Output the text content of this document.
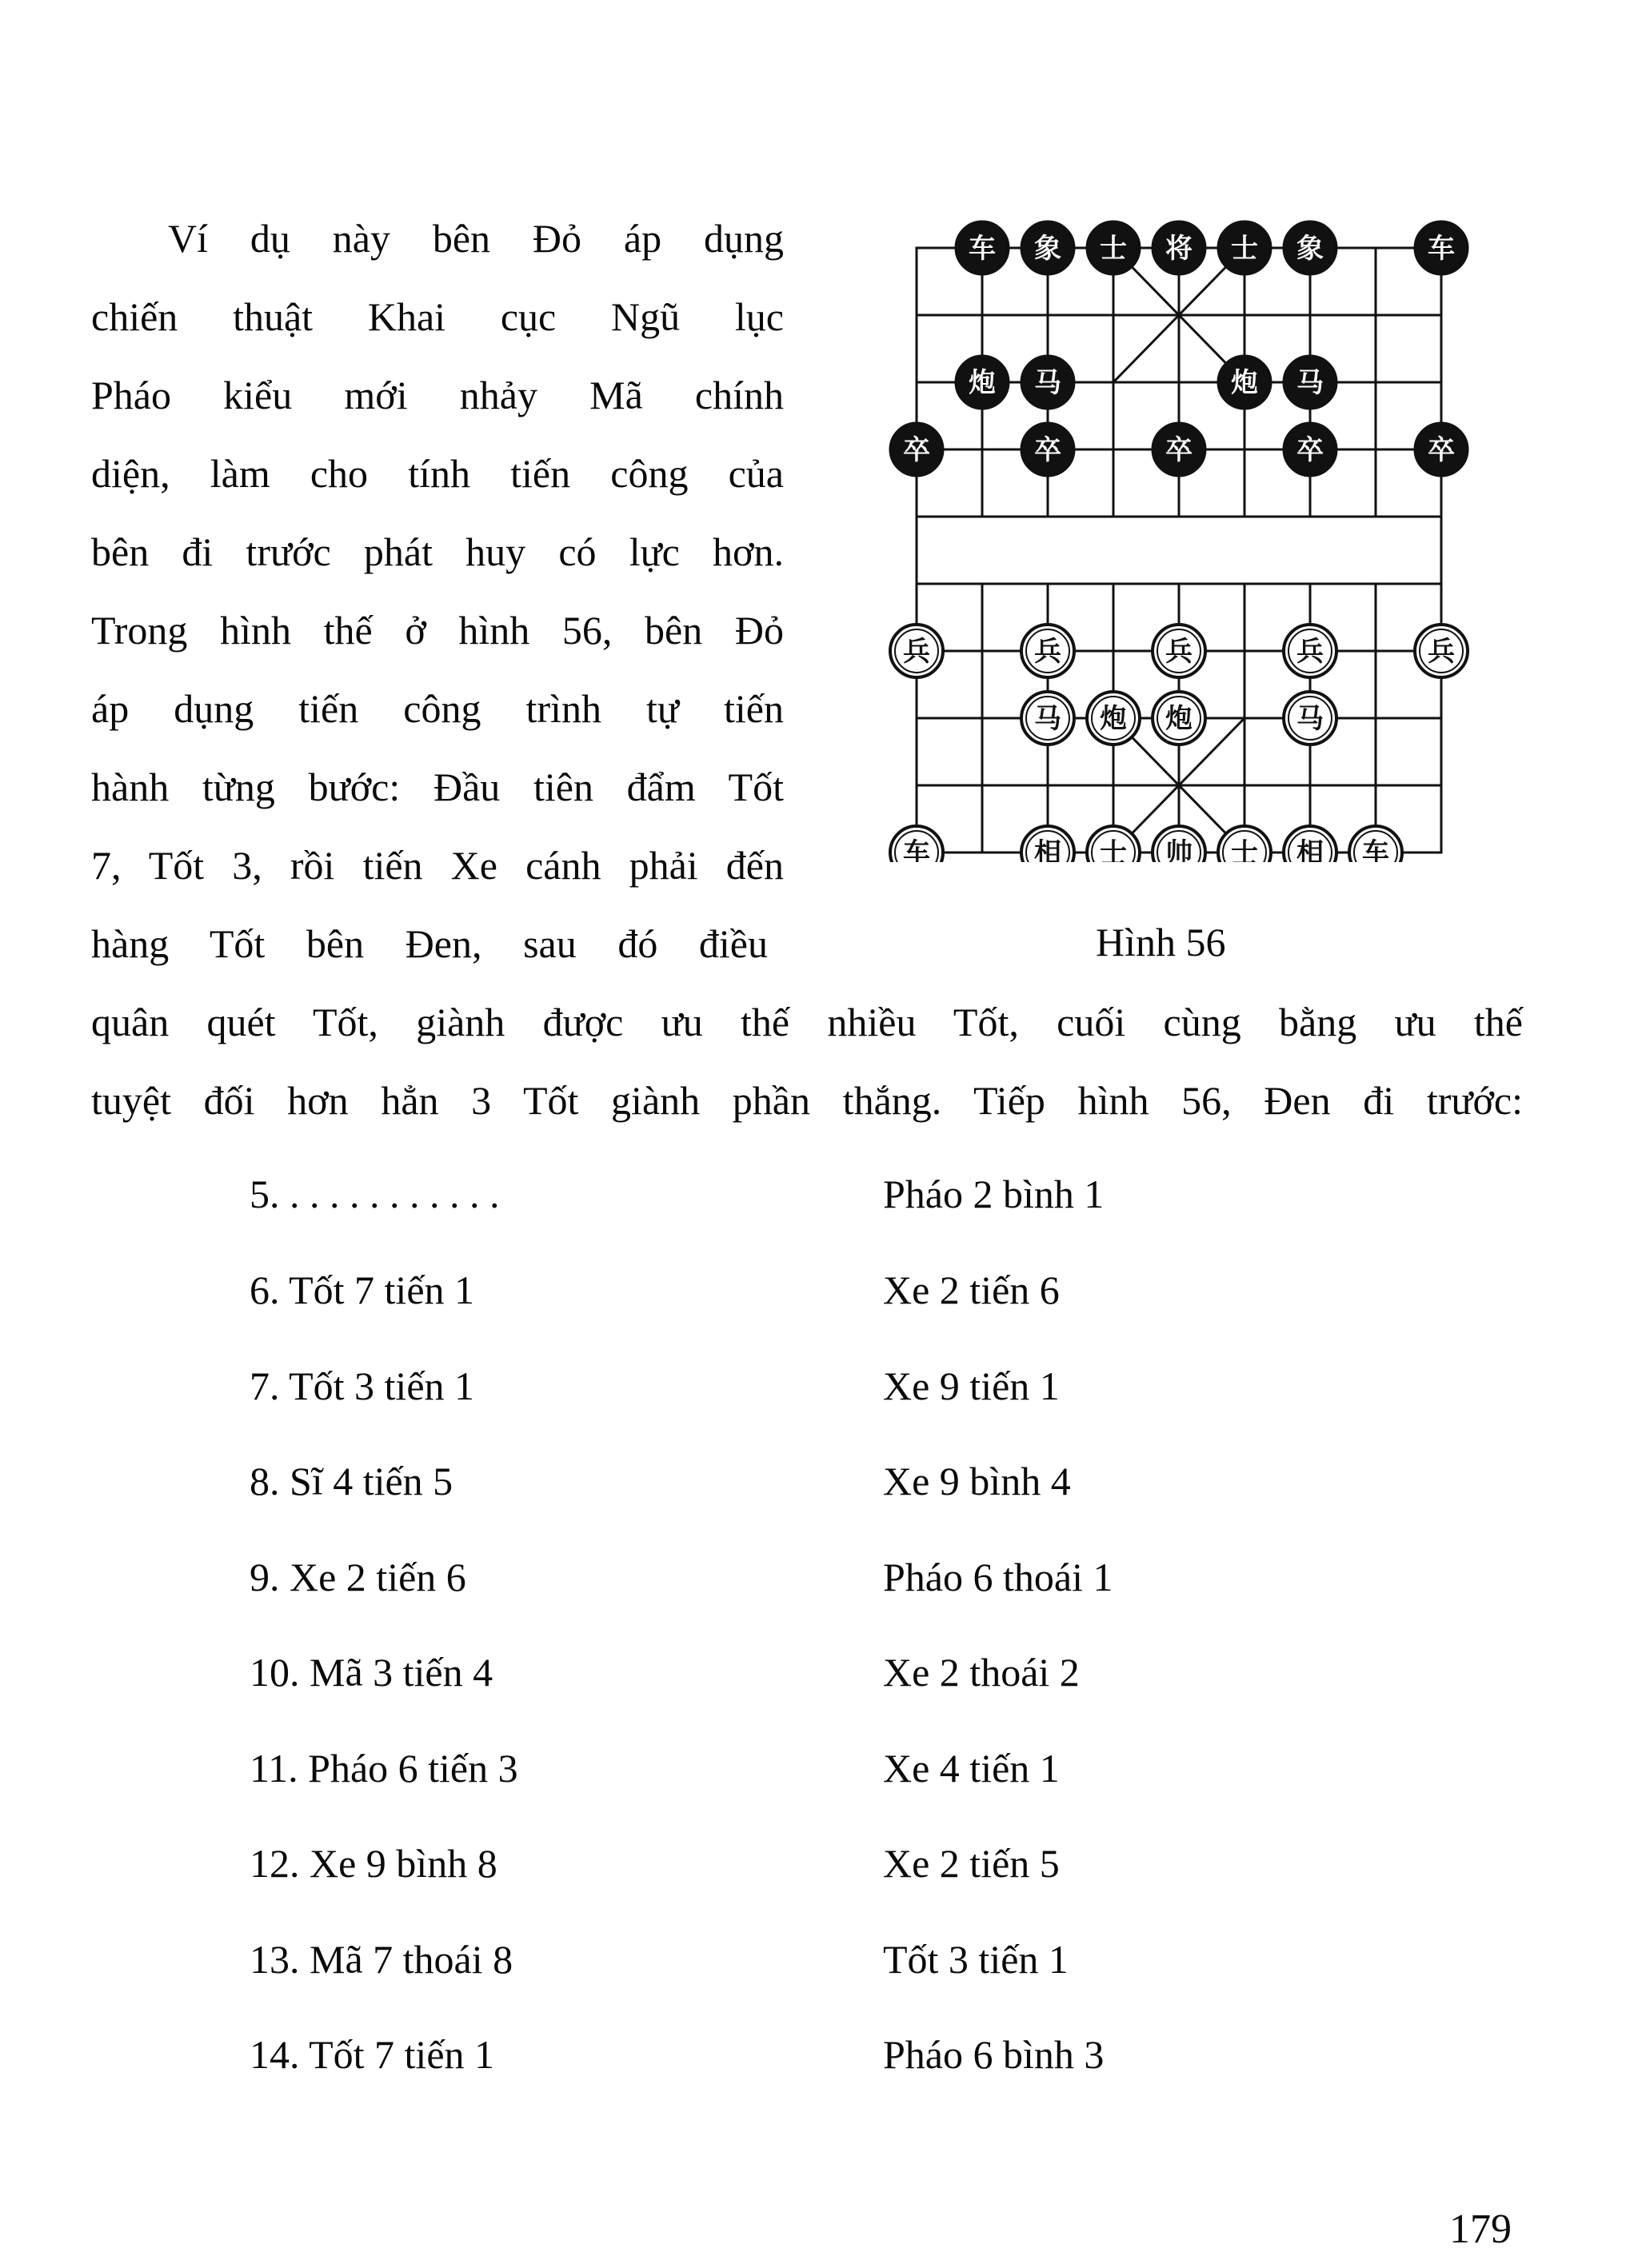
Ví dụ này bên Đỏ áp dụng
chiến thuật Khai cục Ngũ lục
Pháo kiểu mới nhảy Mã chính
diện, làm cho tính tiến công của
bên đi trước phát huy có lực hơn.
Trong hình thế ở hình 56, bên Đỏ
áp dụng tiến công trình tự tiến
hành từng bước: Đầu tiên đẩm Tốt
7, Tốt 3, rồi tiến Xe cánh phải đến
hàng Tốt bên Đen, sau đó điều
车 象 士 将 士 象	车
炮 马	炮 马
卒	卒	卒	卒	卒
兵	兵	兵	兵	兵
马 炮 炮	马
车	相 士 帅 士 相 车
Hình 56
quân quét Tốt, giành được ưu thế nhiều Tốt, cuối cùng bằng ưu thế
tuyệt đối hơn hẳn 3 Tốt giành phần thắng. Tiếp hình 56, Đen đi trước:
5. . . . . . . . . . . .	Pháo 2 bình 1
6. Tốt 7 tiến 1	Xe 2 tiến 6
7. Tốt 3 tiến 1	Xe 9 tiến 1
8. Sĩ 4 tiến 5	Xe 9 bình 4
9. Xe 2 tiến 6	Pháo 6 thoái 1
10. Mã 3 tiến 4	Xe 2 thoái 2
11. Pháo 6 tiến 3	Xe 4 tiến 1
12. Xe 9 bình 8	Xe 2 tiến 5
13. Mã 7 thoái 8	Tốt 3 tiến 1
14. Tốt 7 tiến 1	Pháo 6 bình 3
179
